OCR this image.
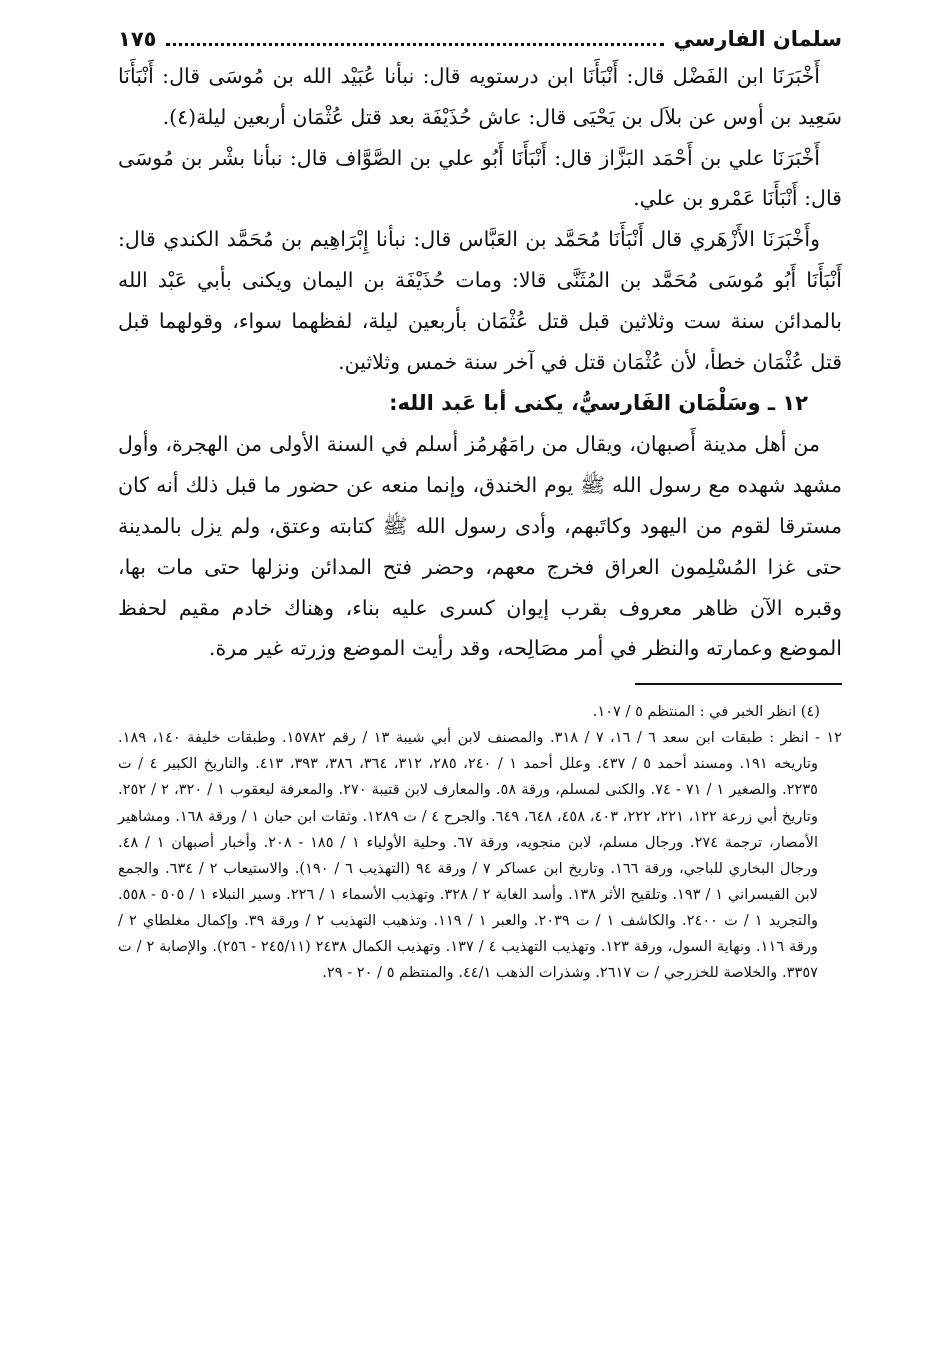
سلمان الفارسي
١٧٥

أَخْبَرَنَا ابن الفَضْل قال: أَنْبَأَنَا ابن درستويه قال: نبأنا عُبَيْد الله بن مُوسَى قال: أَنْبَأَنَا سَعِيد بن أوس عن بلاَل بن يَحْيَى قال: عاش حُذَيْفَة بعد قتل عُثْمَان أربعين ليلة(٤).

أَخْبَرَنَا علي بن أَحْمَد البَزَّاز قال: أَنْبَأَنَا أَبُو علي بن الصَّوَّاف قال: نبأنا بشْر بن مُوسَى قال: أَنْبَأَنَا عَمْرو بن علي.

وأَخْبَرَنَا الأَزْهَري قال أَنْبَأَنَا مُحَمَّد بن العَبَّاس قال: نبأنا إِبْرَاهِيم بن مُحَمَّد الكندي قال: أَنْبَأَنَا أَبُو مُوسَى مُحَمَّد بن المُثَنَّى قالا: ومات حُذَيْفَة بن اليمان ويكنى بأبي عَبْد الله بالمدائن سنة ست وثلاثين قبل قتل عُثْمَان بأربعين ليلة، لفظهما سواء، وقولهما قبل قتل عُثْمَان خطأ، لأن عُثْمَان قتل في آخر سنة خمس وثلاثين.

١٢ ـ وسَلْمَان الفَارسيُّ، يكنى أبا عَبد الله:

من أهل مدينة أَصبهان، ويقال من رامَهُرمُز أسلم في السنة الأولى من الهجرة، وأول مشهد شهده مع رسول الله ﷺ يوم الخندق، وإنما منعه عن حضور ما قبل ذلك أنه كان مسترقا لقوم من اليهود وكاتَبهم، وأدى رسول الله ﷺ كتابته وعتق، ولم يزل بالمدينة حتى غزا المُسْلِمون العراق فخرج معهم، وحضر فتح المدائن ونزلها حتى مات بها، وقبره الآن ظاهر معروف بقرب إيوان كسرى عليه بناء، وهناك خادم مقيم لحفظ الموضع وعمارته والنظر في أمر مصَالِحه، وقد رأيت الموضع وزرته غير مرة.

(٤) انظر الخبر في : المنتظم ٥ / ١٠٧.

١٢ - انظر : طبقات ابن سعد ٦ / ١٦، ٧ / ٣١٨. والمصنف لابن أبي شيبة ١٣ / رقم ١٥٧٨٢. وطبقات خليفة ١٤٠، ١٨٩. وتاريخه ١٩١. ومسند أحمد ٥ / ٤٣٧. وعلل أحمد ١ / ٢٤٠، ٢٨٥، ٣١٢، ٣٦٤، ٣٨٦، ٣٩٣، ٤١٣. والتاريخ الكبير ٤ / ت ٢٢٣٥. والصغير ١ / ٧١ - ٧٤. والكنى لمسلم، ورقة ٥٨. والمعارف لابن قتيبة ٢٧٠. والمعرفة ليعقوب ١ / ٣٢٠، ٢ / ٢٥٢. وتاريخ أبي زرعة ١٢٢، ٢٢١، ٢٢٢، ٤٠٣، ٤٥٨، ٦٤٨، ٦٤٩. والجرح ٤ / ت ١٢٨٩. وثقات ابن حبان ١ / ورقة ١٦٨. ومشاهير الأمصار، ترجمة ٢٧٤. ورجال مسلم، لابن منجويه، ورقة ٦٧. وحلية الأولياء ١ / ١٨٥ - ٢٠٨. وأخبار أصبهان ١ / ٤٨. ورجال البخاري للباجي، ورقة ١٦٦. وتاريخ ابن عساكر ٧ / ورقة ٩٤ (التهذيب ٦ / ١٩٠). والاستيعاب ٢ / ٦٣٤. والجمع لابن القيسراني ١ / ١٩٣. وتلقيح الأثر ١٣٨. وأسد الغابة ٢ / ٣٢٨. وتهذيب الأسماء ١ / ٢٢٦. وسير النبلاء ١ / ٥٠٥ - ٥٥٨. والتجريد ١ / ت ٢٤٠٠. والكاشف ١ / ت ٢٠٣٩. والعبر ١ / ١١٩. وتذهيب التهذيب ٢ / ورقة ٣٩. وإكمال مغلطاي ٢ / ورقة ١١٦. ونهاية السول، ورقة ١٢٣. وتهذيب التهذيب ٤ / ١٣٧. وتهذيب الكمال ٢٤٣٨ (٢٤٥/١١ - ٢٥٦). والإصابة ٢ / ت ٣٣٥٧. والخلاصة للخزرجي / ت ٢٦١٧. وشذرات الذهب ٤٤/١. والمنتظم ٥ / ٢٠ - ٢٩.
